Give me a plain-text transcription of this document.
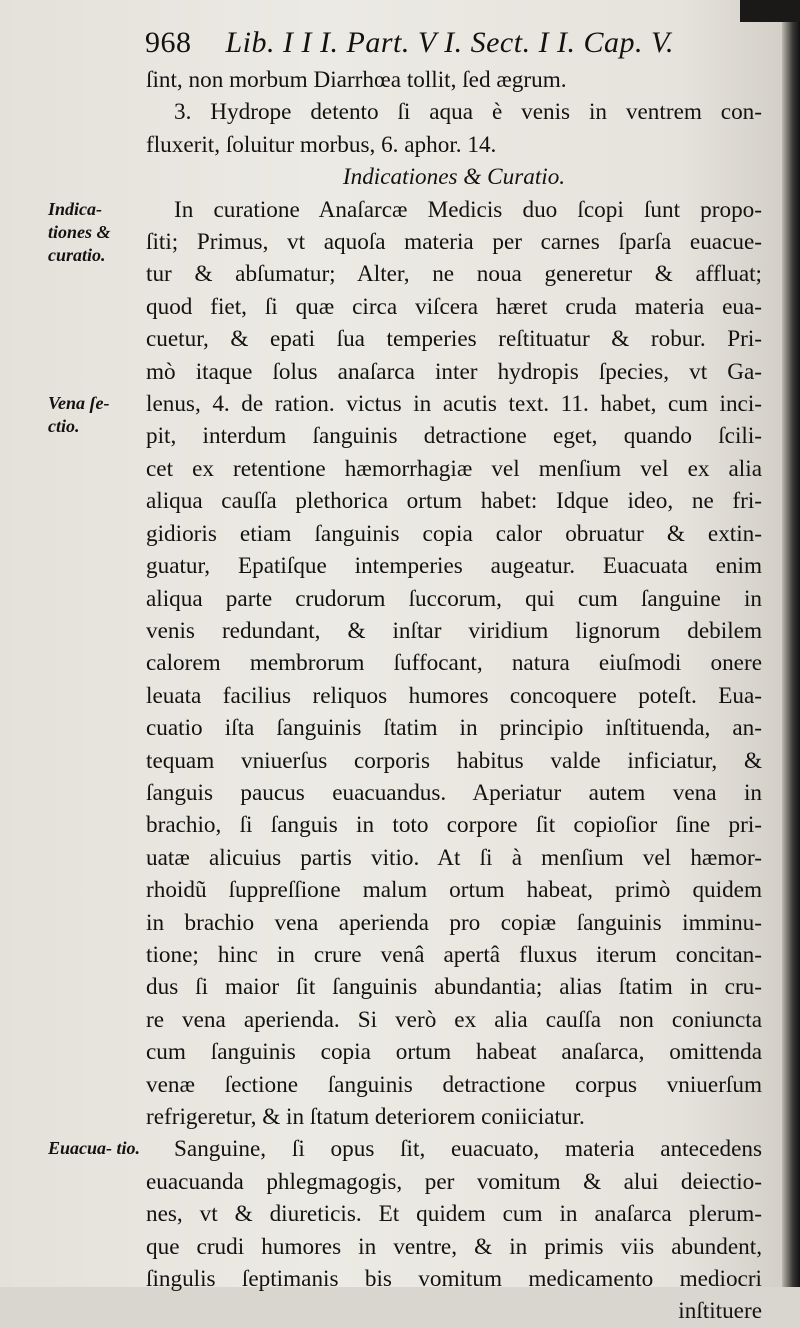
968 Lib. I I I. Part. V I. Sect. I I. Cap. V.
ſint, non morbum Diarrhœa tollit, ſed ægrum.
3. Hydrope detento ſi aqua è venis in ventrem con-
fluxerit, ſoluitur morbus, 6. aphor. 14.
Indicationes & Curatio.
In curatione Anaſarcæ Medicis duo ſcopi ſunt propo-
ſiti; Primus, vt aquoſa materia per carnes ſparſa euacue-
tur & abſumatur; Alter, ne noua generetur & affluat;
quod fiet, ſi quæ circa viſcera hæret cruda materia eua-
cuetur, & epati ſua temperies reſtituatur & robur. Pri-
mò itaque ſolus anaſarca inter hydropis ſpecies, vt Ga-
lenus, 4. de ration. victus in acutis text. 11. habet, cum inci-
pit, interdum ſanguinis detractione eget, quando ſcili-
cet ex retentione hæmorrhagiæ vel menſium vel ex alia
aliqua cauſſa plethorica ortum habet: Idque ideo, ne fri-
gidioris etiam ſanguinis copia calor obruatur & extin-
guatur, Epatiſque intemperies augeatur. Euacuata enim
aliqua parte crudorum ſuccorum, qui cum ſanguine in
venis redundant, & inſtar viridium lignorum debilem
calorem membrorum ſuffocant, natura eiuſmodi onere
leuata facilius reliquos humores concoquere poteſt. Eua-
cuatio iſta ſanguinis ſtatim in principio inſtituenda, an-
tequam vniuerſus corporis habitus valde inficiatur, &
ſanguis paucus euacuandus. Aperiatur autem vena in
brachio, ſi ſanguis in toto corpore ſit copioſior ſine pri-
uatæ alicuius partis vitio. At ſi à menſium vel hæmor-
rhoidũ ſuppreſſione malum ortum habeat, primò quidem
in brachio vena aperienda pro copiæ ſanguinis imminu-
tione; hinc in crure venâ apertâ fluxus iterum concitan-
dus ſi maior ſit ſanguinis abundantia; alias ſtatim in cru-
re vena aperienda. Si verò ex alia cauſſa non coniuncta
cum ſanguinis copia ortum habeat anaſarca, omittenda
venæ ſectione ſanguinis detractione corpus vniuerſum
refrigeretur, & in ſtatum deteriorem coniiciatur.
Sanguine, ſi opus ſit, euacuato, materia antecedens
euacuanda phlegmagogis, per vomitum & alui deiectio-
nes, vt & diureticis. Et quidem cum in anaſarca plerum-
que crudi humores in ventre, & in primis viis abundent,
ſingulis ſeptimanis bis vomitum medicamento mediocri
inſtituere
Indica- tiones & curatio.
Vena ſe- ctio.
Euacua- tio.
